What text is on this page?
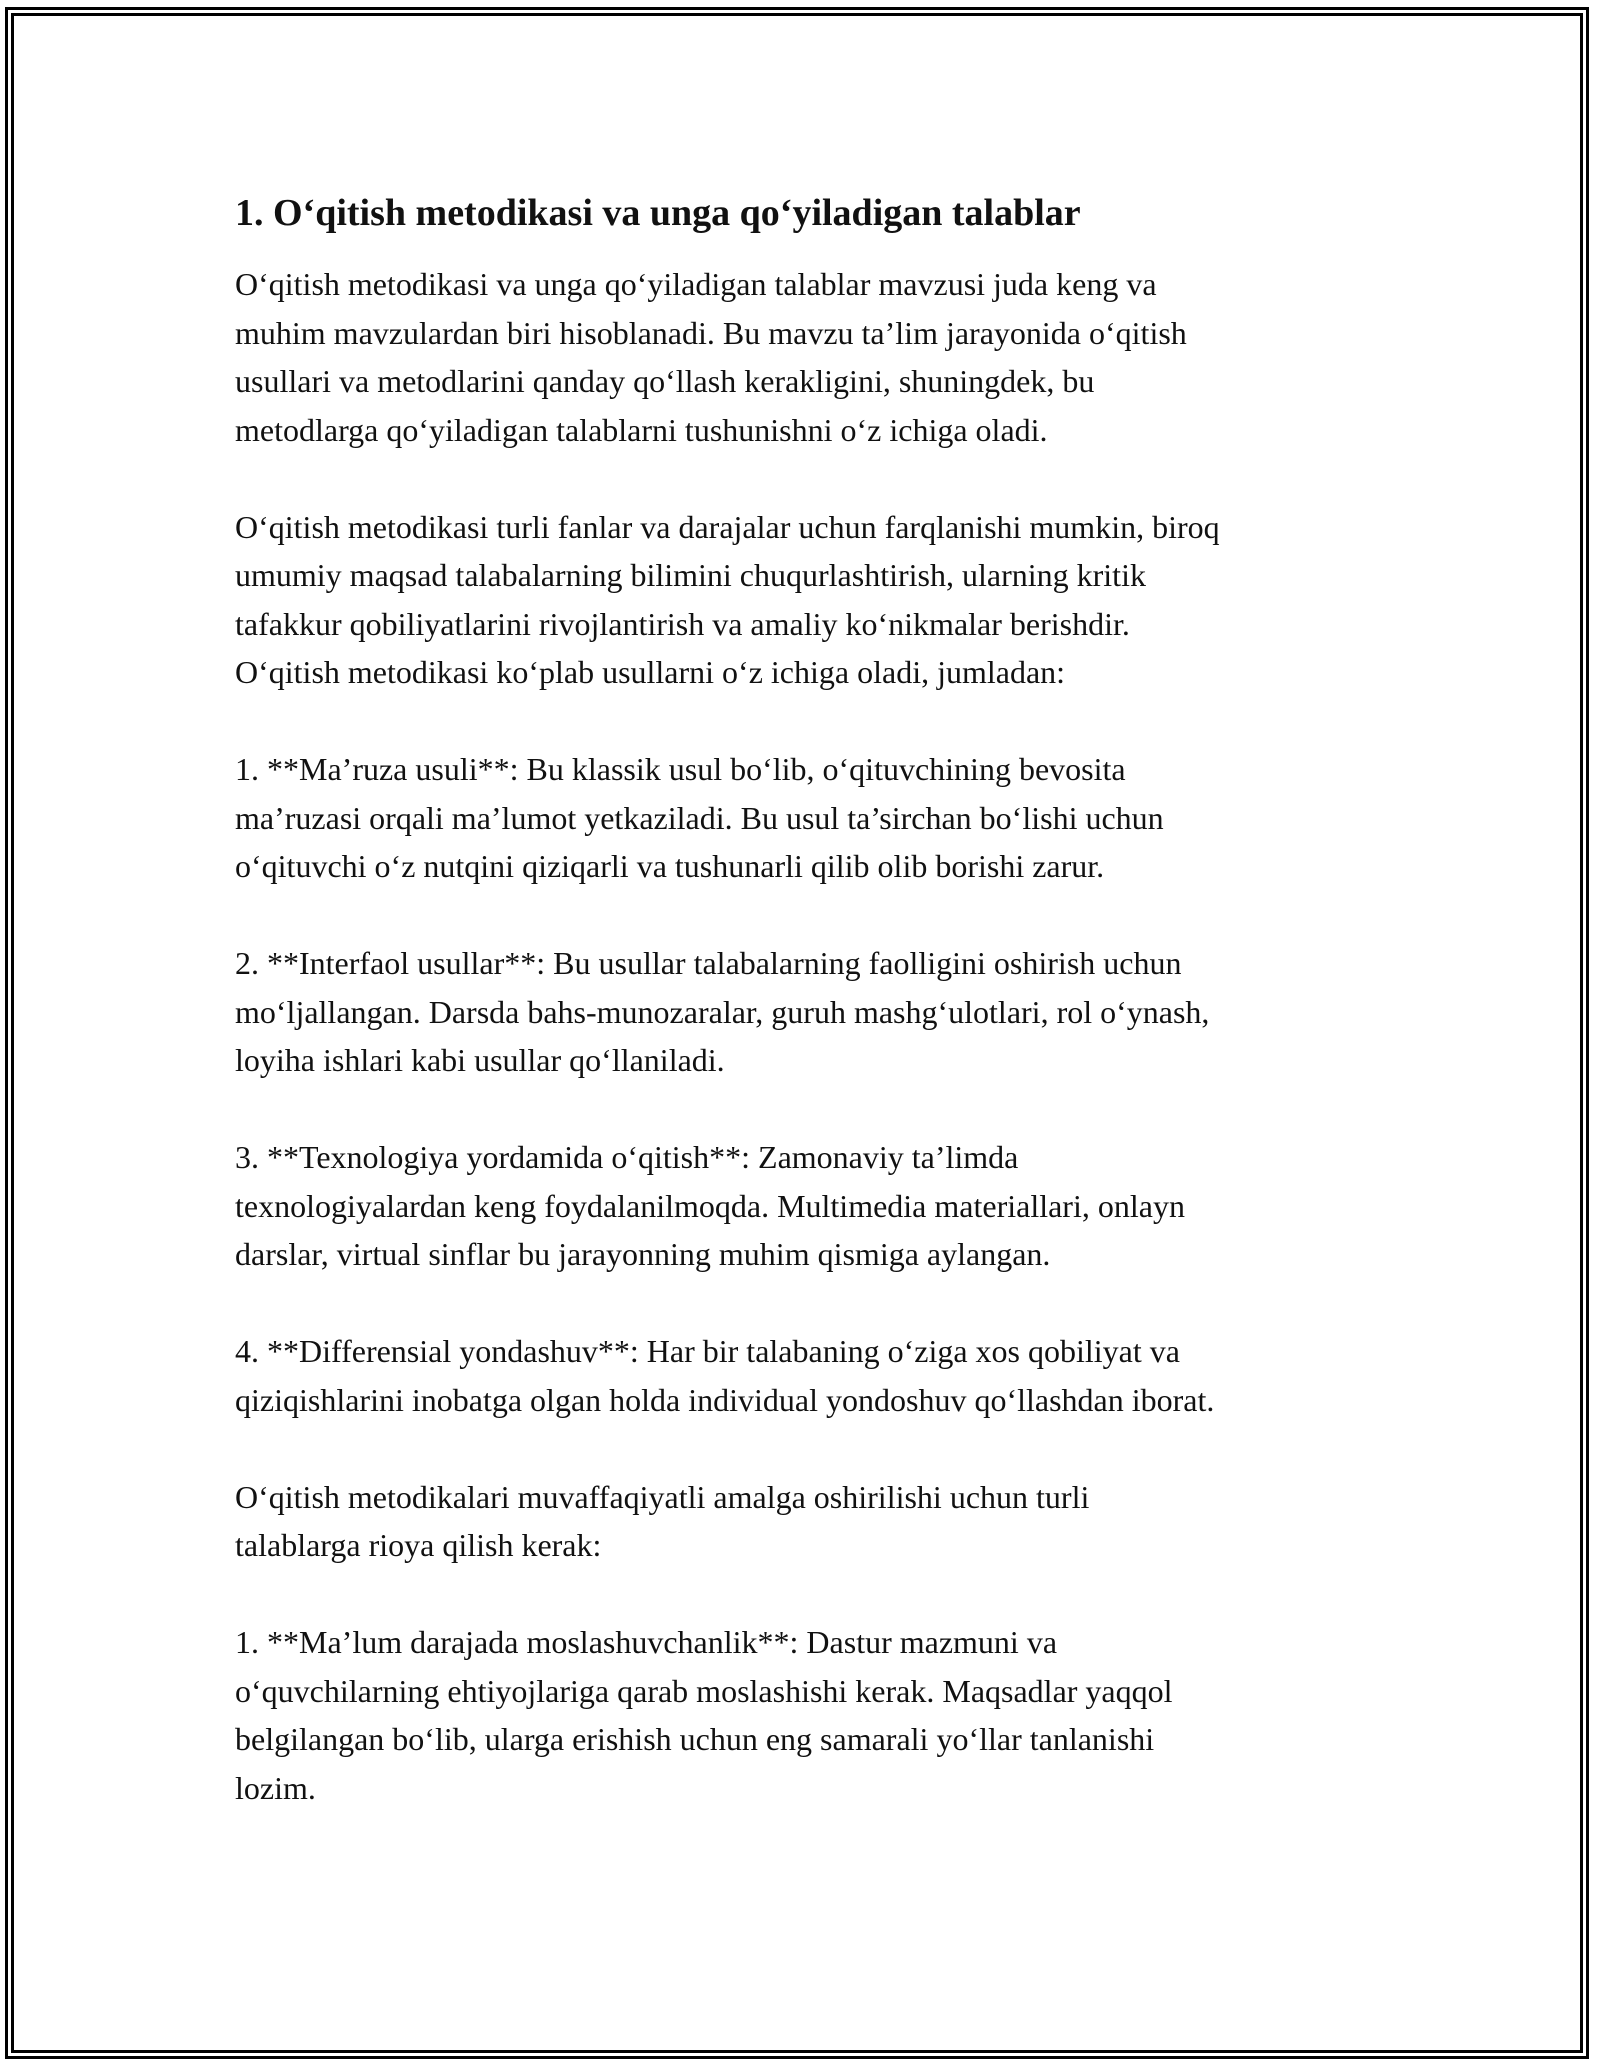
1. Oʻqitish metodikasi va unga qoʻyiladigan talablar

Oʻqitish metodikasi va unga qoʻyiladigan talablar mavzusi juda keng va
muhim mavzulardan biri hisoblanadi. Bu mavzu ta’lim jarayonida oʻqitish
usullari va metodlarini qanday qoʻllash kerakligini, shuningdek, bu
metodlarga qoʻyiladigan talablarni tushunishni oʻz ichiga oladi.

Oʻqitish metodikasi turli fanlar va darajalar uchun farqlanishi mumkin, biroq
umumiy maqsad talabalarning bilimini chuqurlashtirish, ularning kritik
tafakkur qobiliyatlarini rivojlantirish va amaliy koʻnikmalar berishdir.
Oʻqitish metodikasi koʻplab usullarni oʻz ichiga oladi, jumladan:

1. **Ma’ruza usuli**: Bu klassik usul boʻlib, oʻqituvchining bevosita
ma’ruzasi orqali ma’lumot yetkaziladi. Bu usul ta’sirchan boʻlishi uchun
oʻqituvchi oʻz nutqini qiziqarli va tushunarli qilib olib borishi zarur.

2. **Interfaol usullar**: Bu usullar talabalarning faolligini oshirish uchun
moʻljallangan. Darsda bahs-munozaralar, guruh mashgʻulotlari, rol oʻynash,
loyiha ishlari kabi usullar qoʻllaniladi.

3. **Texnologiya yordamida oʻqitish**: Zamonaviy ta’limda
texnologiyalardan keng foydalanilmoqda. Multimedia materiallari, onlayn
darslar, virtual sinflar bu jarayonning muhim qismiga aylangan.

4. **Differensial yondashuv**: Har bir talabaning oʻziga xos qobiliyat va
qiziqishlarini inobatga olgan holda individual yondoshuv qoʻllashdan iborat.

Oʻqitish metodikalari muvaffaqiyatli amalga oshirilishi uchun turli
talablarga rioya qilish kerak:

1. **Ma’lum darajada moslashuvchanlik**: Dastur mazmuni va
oʻquvchilarning ehtiyojlariga qarab moslashishi kerak. Maqsadlar yaqqol
belgilangan boʻlib, ularga erishish uchun eng samarali yoʻllar tanlanishi
lozim.
